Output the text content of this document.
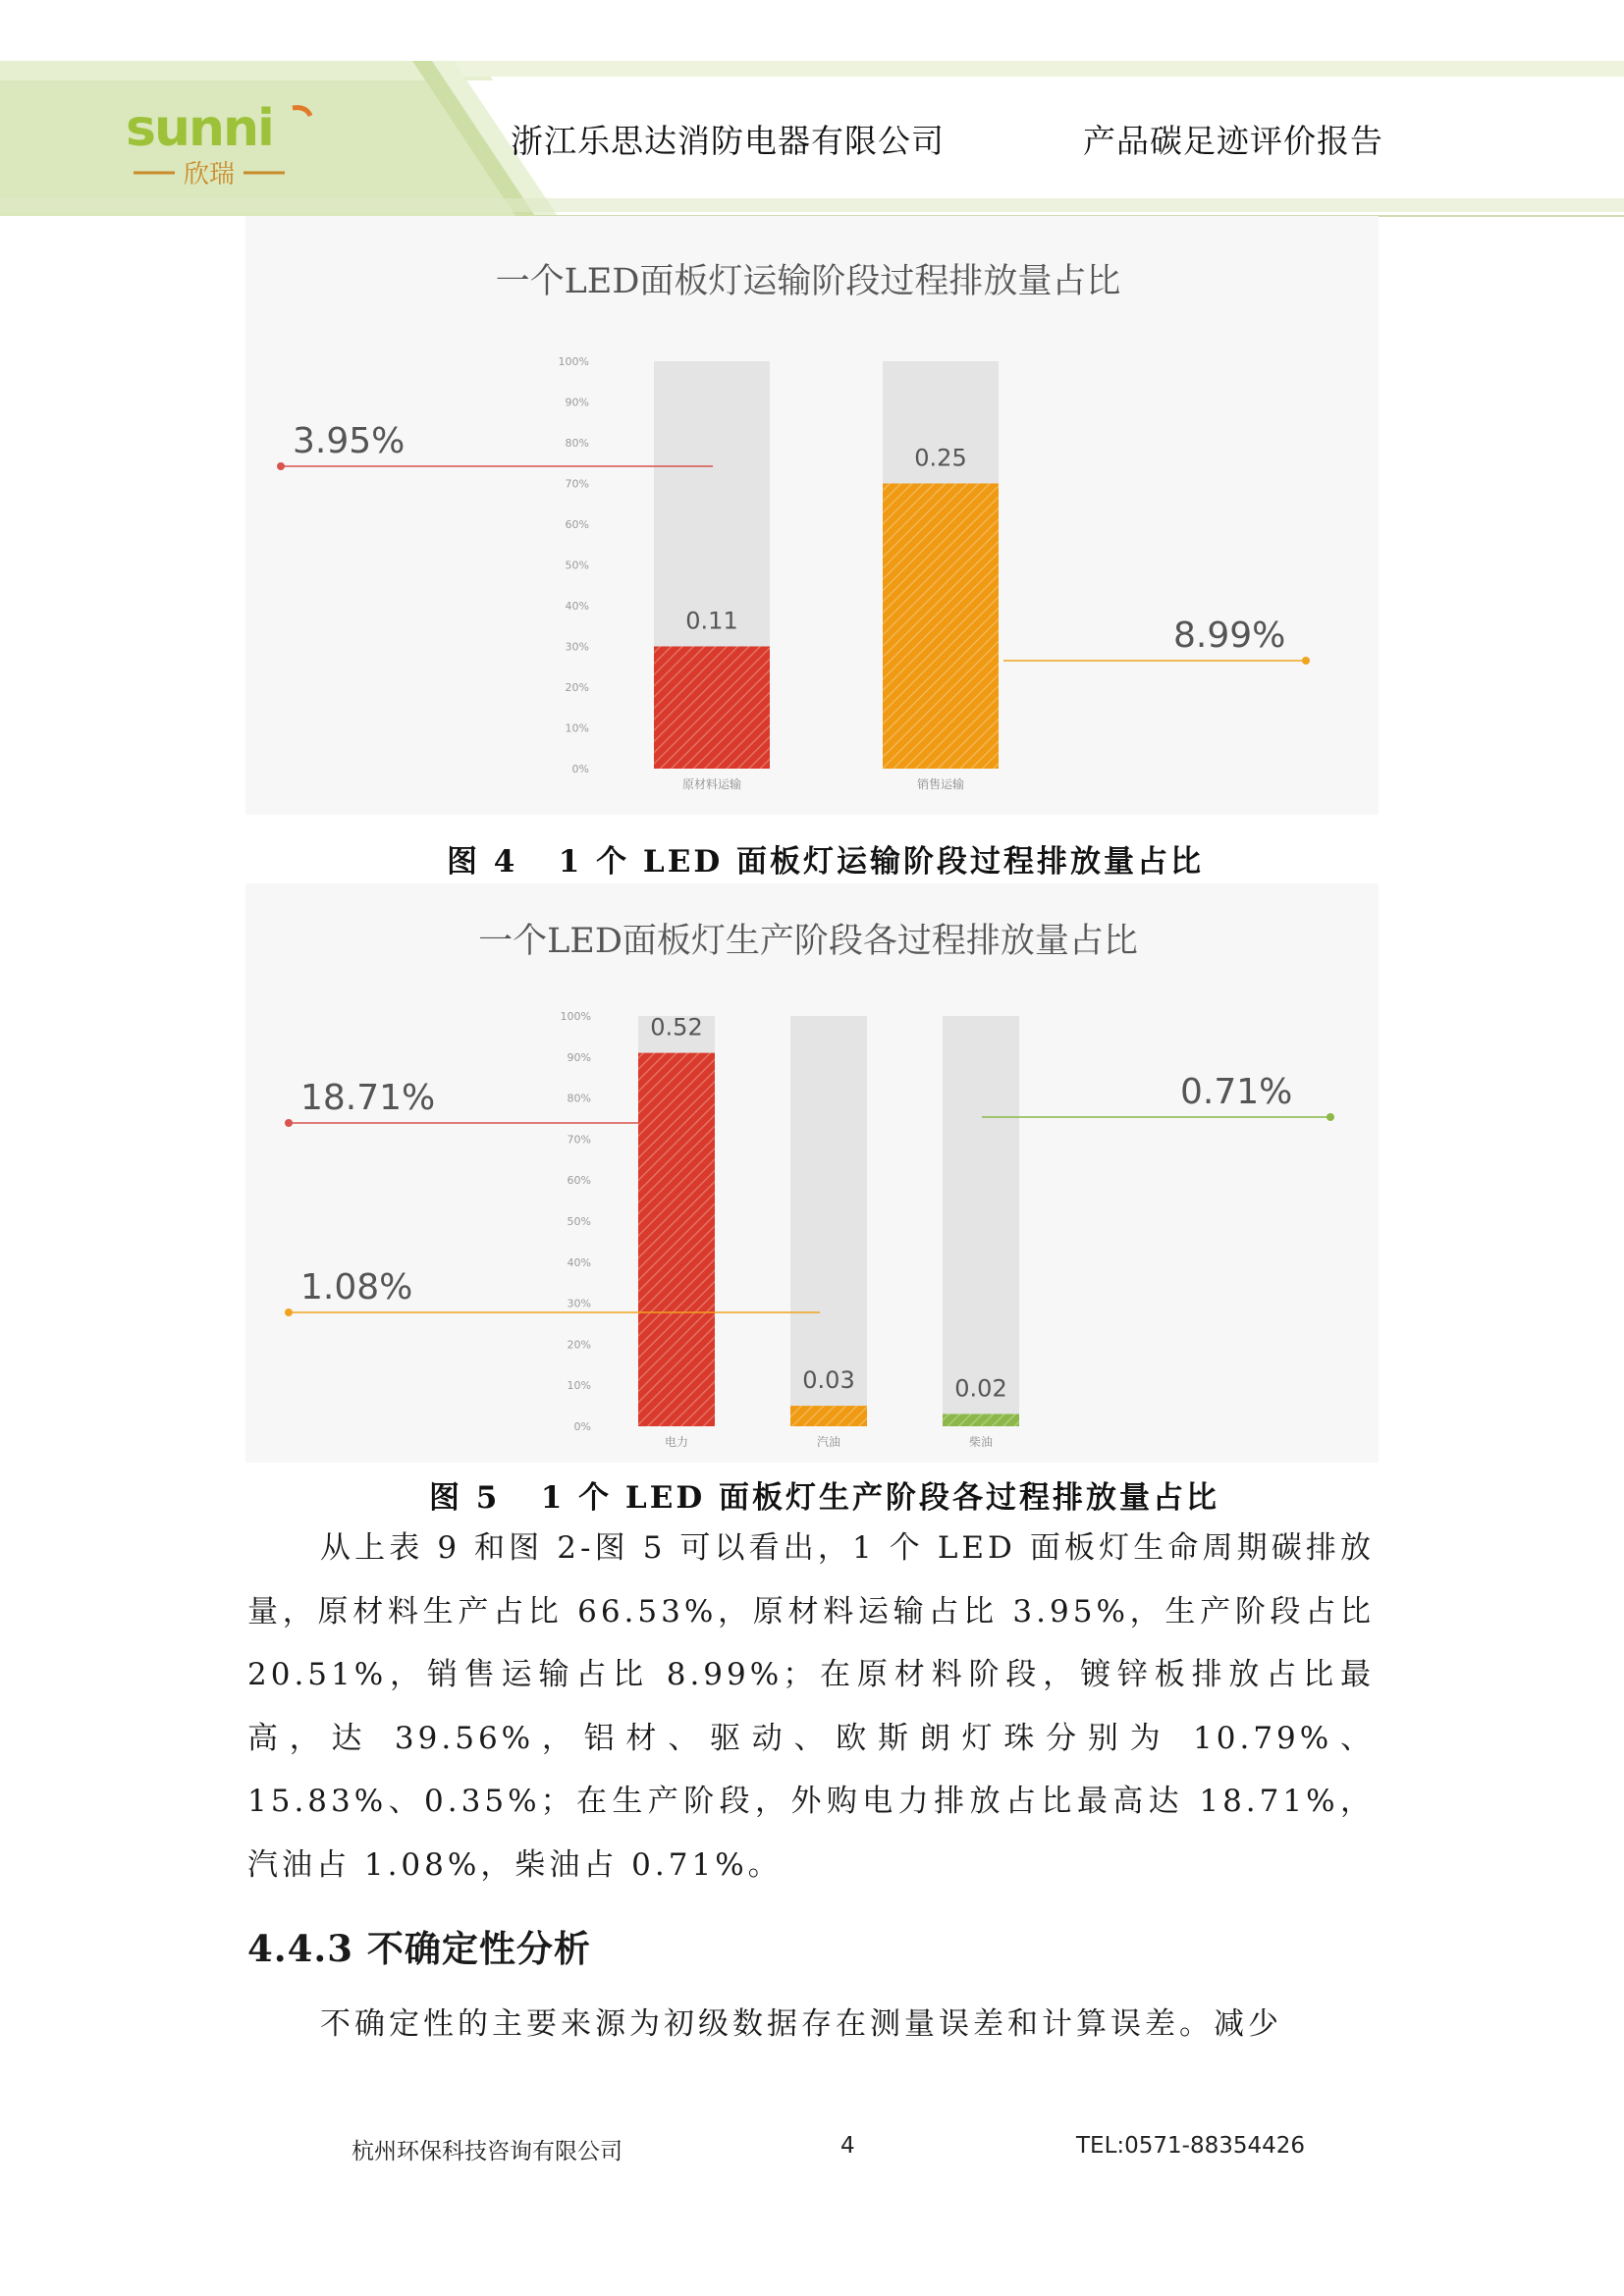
sunni
欣瑞
浙江乐思达消防电器有限公司	产品碳足迹评价报告
一个LED面板灯运输阶段过程排放量占比
0%
10%
20%
30%
40%
50%
60%
70%
80%
90%
100%
0.11
原材料运输
0.25
销售运输
3.95%
8.99%
图 4   1 个 LED 面板灯运输阶段过程排放量占比
一个LED面板灯生产阶段各过程排放量占比
0%
10%
20%
30%
40%
50%
60%
70%
80%
90%
100%	0.52
电力
0.03
汽油
0.02
柴油
18.71%
1.08%
0.71%
图 5   1 个 LED 面板灯生产阶段各过程排放量占比

从上表 9 和图 2-图 5 可以看出，1 个 LED 面板灯生命周期碳排放量，原材料生产占比 66.53%，原材料运输占比 3.95%，生产阶段占比 20.51%，销售运输占比 8.99%；在原材料阶段，镀锌板排放占比最高，达 39.56%，铝材、驱动、欧斯朗灯珠分别为 10.79%、15.83%、0.35%；在生产阶段，外购电力排放占比最高达 18.71%，汽油占 1.08%，柴油占 0.71%。

4.4.3 不确定性分析

不确定性的主要来源为初级数据存在测量误差和计算误差。减少

杭州环保科技咨询有限公司	4	TEL:0571-88354426
